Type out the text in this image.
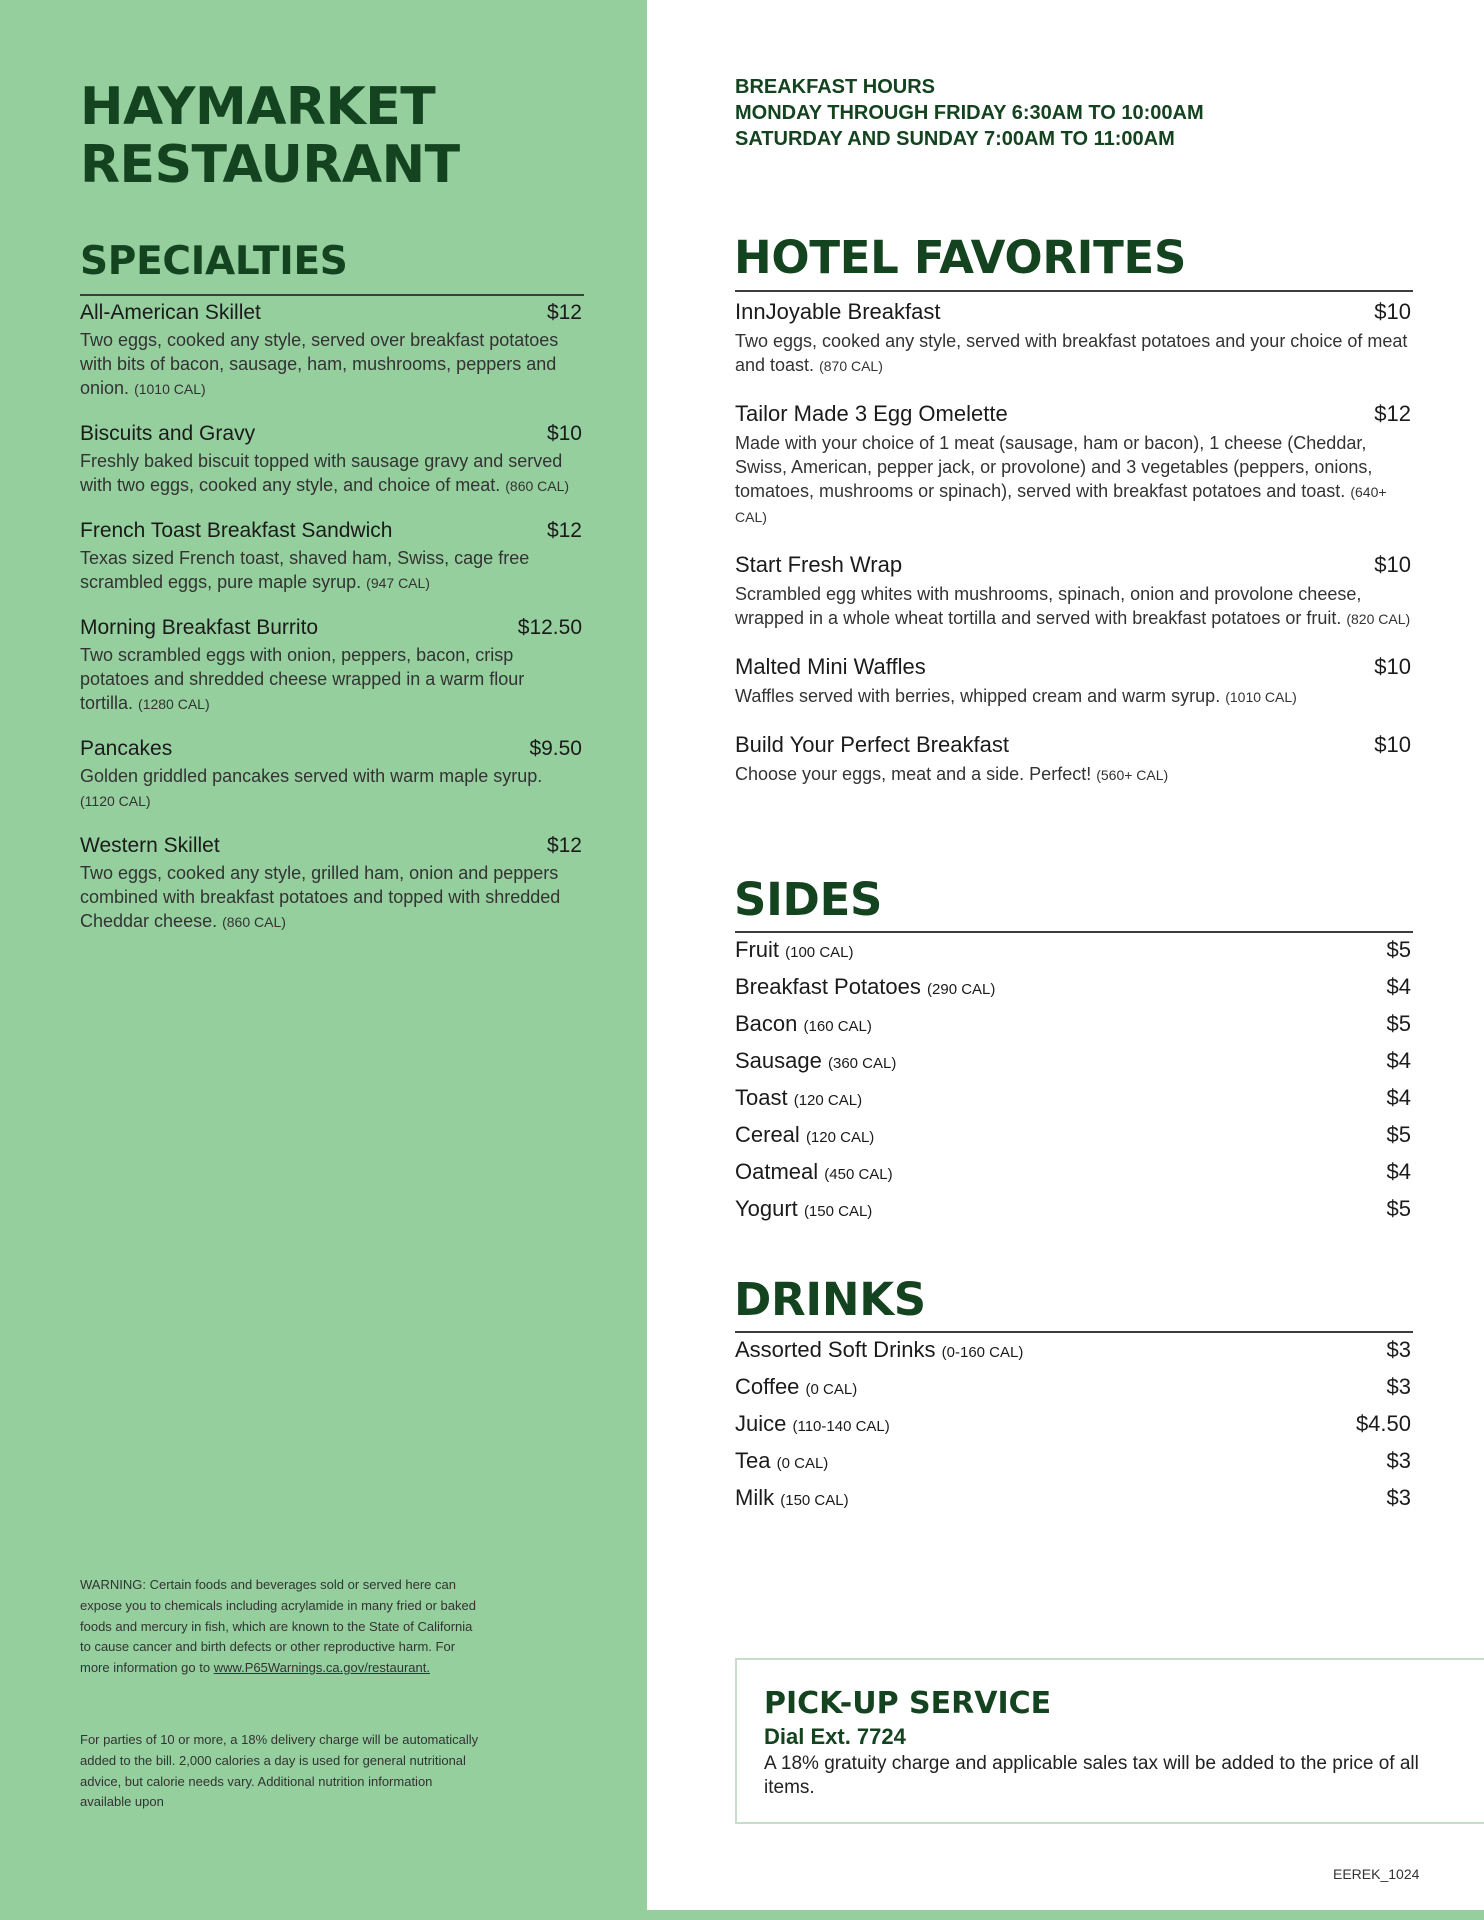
HAYMARKET
RESTAURANT
SPECIALTIES
All-American Skillet	$12
Two eggs, cooked any style, served over breakfast potatoes with bits of bacon, sausage, ham, mushrooms, peppers and onion. (1010 CAL)
Biscuits and Gravy	$10
Freshly baked biscuit topped with sausage gravy and served with two eggs, cooked any style, and choice of meat. (860 CAL)
French Toast Breakfast Sandwich	$12
Texas sized French toast, shaved ham, Swiss, cage free scrambled eggs, pure maple syrup. (947 CAL)
Morning Breakfast Burrito	$12.50
Two scrambled eggs with onion, peppers, bacon, crisp potatoes and shredded cheese wrapped in a warm flour tortilla. (1280 CAL)
Pancakes	$9.50
Golden griddled pancakes served with warm maple syrup. (1120 CAL)
Western Skillet	$12
Two eggs, cooked any style, grilled ham, onion and peppers combined with breakfast potatoes and topped with shredded Cheddar cheese. (860 CAL)

WARNING: Certain foods and beverages sold or served here can expose you to chemicals including acrylamide in many fried or baked foods and mercury in fish, which are known to the State of California to cause cancer and birth defects or other reproductive harm. For more information go to www.P65Warnings.ca.gov/restaurant.

For parties of 10 or more, a 18% delivery charge will be automatically added to the bill. 2,000 calories a day is used for general nutritional advice, but calorie needs vary. Additional nutrition information available upon

BREAKFAST HOURS
MONDAY THROUGH FRIDAY 6:30AM TO 10:00AM
SATURDAY AND SUNDAY 7:00AM TO 11:00AM

HOTEL FAVORITES
InnJoyable Breakfast	$10
Two eggs, cooked any style, served with breakfast potatoes and your choice of meat and toast. (870 CAL)
Tailor Made 3 Egg Omelette	$12
Made with your choice of 1 meat (sausage, ham or bacon), 1 cheese (Cheddar, Swiss, American, pepper jack, or provolone) and 3 vegetables (peppers, onions, tomatoes, mushrooms or spinach), served with breakfast potatoes and toast. (640+ CAL)
Start Fresh Wrap	$10
Scrambled egg whites with mushrooms, spinach, onion and provolone cheese, wrapped in a whole wheat tortilla and served with breakfast potatoes or fruit. (820 CAL)
Malted Mini Waffles	$10
Waffles served with berries, whipped cream and warm syrup. (1010 CAL)
Build Your Perfect Breakfast	$10
Choose your eggs, meat and a side. Perfect! (560+ CAL)
SIDES
Fruit (100 CAL)	$5
Breakfast Potatoes (290 CAL)	$4
Bacon (160 CAL)	$5
Sausage (360 CAL)	$4
Toast (120 CAL)	$4
Cereal (120 CAL)	$5
Oatmeal (450 CAL)	$4
Yogurt (150 CAL)	$5
DRINKS
Assorted Soft Drinks (0-160 CAL)	$3
Coffee (0 CAL)	$3
Juice (110-140 CAL)	$4.50
Tea (0 CAL)	$3
Milk (150 CAL)	$3
PICK-UP SERVICE
Dial Ext. 7724

A 18% gratuity charge and applicable sales tax will be added to the price of all items.

EEREK_1024
